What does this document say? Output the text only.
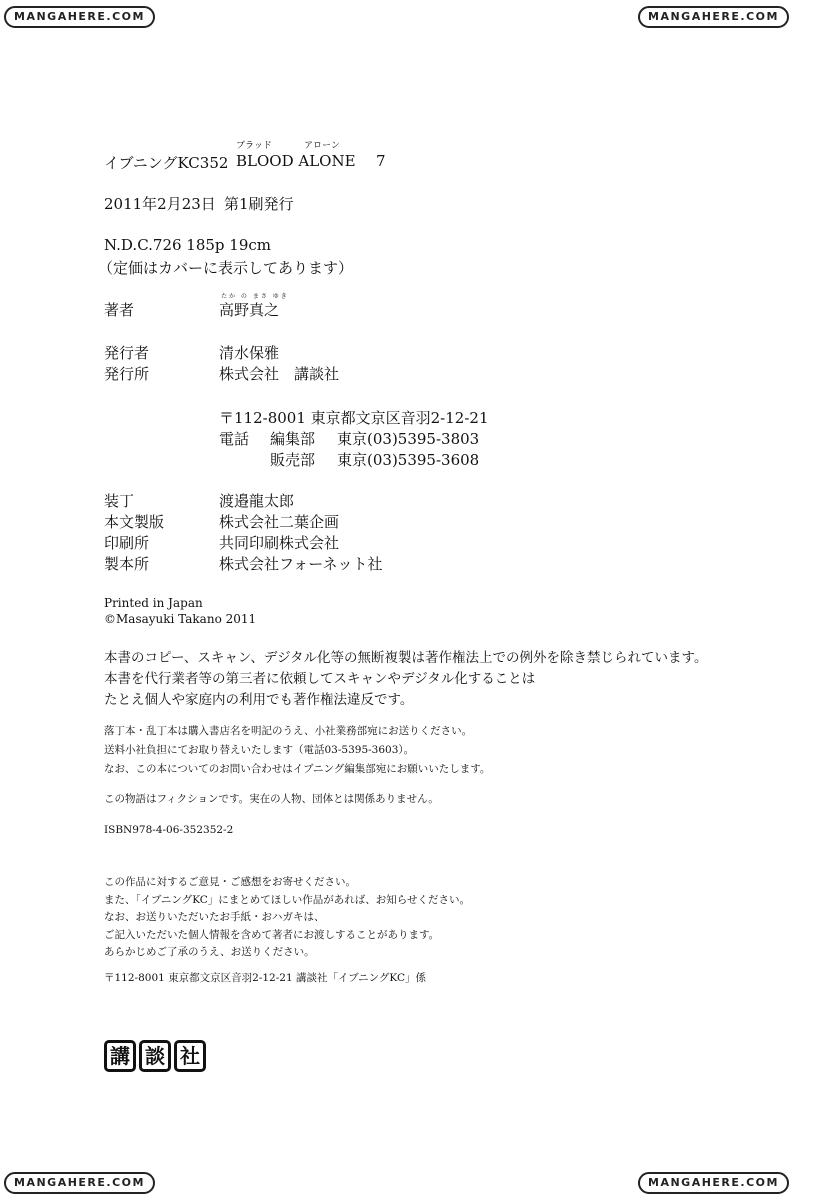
MANGAHERE.COM	MANGAHERE.COM
MANGAHERE.COM	MANGAHERE.COM
ブラッド	アローン
イブニングKC352 BLOOD ALONE 7
2011年2月23日 第1刷発行
N.D.C.726 185p 19cm
（定価はカバーに表示してあります）
たか の まさ ゆき
著者	高野真之
発行者	清水保雅
発行所	株式会社　講談社
〒112-8001 東京都文京区音羽2-12-21
電話 編集部 東京(03)5395-3803
販売部 東京(03)5395-3608
装丁	渡邉龍太郎
本文製版	株式会社二葉企画
印刷所	共同印刷株式会社
製本所	株式会社フォーネット社
Printed in Japan
©Masayuki Takano 2011
本書のコピー、スキャン、デジタル化等の無断複製は著作権法上での例外を除き禁じられています。
本書を代行業者等の第三者に依頼してスキャンやデジタル化することは
たとえ個人や家庭内の利用でも著作権法違反です。
落丁本・乱丁本は購入書店名を明記のうえ、小社業務部宛にお送りください。
送料小社負担にてお取り替えいたします（電話03-5395-3603）。
なお、この本についてのお問い合わせはイブニング編集部宛にお願いいたします。
この物語はフィクションです。実在の人物、団体とは関係ありません。
ISBN978-4-06-352352-2
この作品に対するご意見・ご感想をお寄せください。
また、「イブニングKC」にまとめてほしい作品があれば、お知らせください。
なお、お送りいただいたお手紙・おハガキは、
ご記入いただいた個人情報を含めて著者にお渡しすることがあります。
あらかじめご了承のうえ、お送りください。
〒112-8001 東京都文京区音羽2-12-21 講談社「イブニングKC」係
講 談 社
